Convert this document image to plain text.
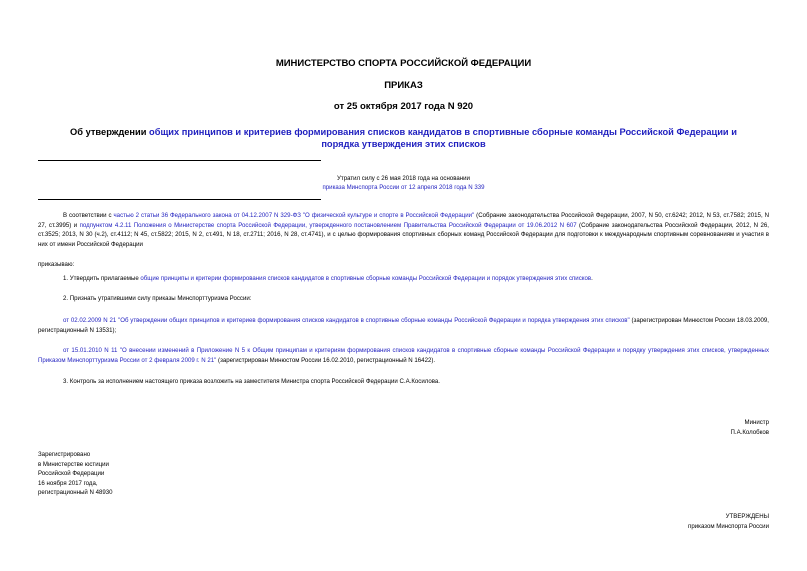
МИНИСТЕРСТВО СПОРТА РОССИЙСКОЙ ФЕДЕРАЦИИ
ПРИКАЗ
от 25 октября 2017 года N 920
Об утверждении общих принципов и критериев формирования списков кандидатов в спортивные сборные команды Российской Федерации и порядка утверждения этих списков
Утратил силу с 26 мая 2018 года на основании
приказа Минспорта России от 12 апреля 2018 года N 339
В соответствии с частью 2 статьи 36 Федерального закона от 04.12.2007 N 329-ФЗ "О физической культуре и спорте в Российской Федерации" (Собрание законодательства Российской Федерации, 2007, N 50, ст.6242; 2012, N 53, ст.7582; 2015, N 27, ст.3995) и подпунктом 4.2.11 Положения о Министерстве спорта Российской Федерации, утвержденного постановлением Правительства Российской Федерации от 19.06.2012 N 607 (Собрание законодательства Российской Федерации, 2012, N 26, ст.3525; 2013, N 30 (ч.2), ст.4112; N 45, ст.5822; 2015, N 2, ст.491, N 18, ст.2711; 2016, N 28, ст.4741), и с целью формирования спортивных сборных команд Российской Федерации для подготовки к международным спортивным соревнованиям и участия в них от имени Российской Федерации
приказываю:
1. Утвердить прилагаемые общие принципы и критерии формирования списков кандидатов в спортивные сборные команды Российской Федерации и порядок утверждения этих списков.
2. Признать утратившими силу приказы Минспорттуризма России:
от 02.02.2009 N 21 "Об утверждении общих принципов и критериев формирования списков кандидатов в спортивные сборные команды Российской Федерации и порядка утверждения этих списков" (зарегистрирован Минюстом России 18.03.2009, регистрационный N 13531);
от 15.01.2010 N 11 "О внесении изменений в Приложение N 5 к Общим принципам и критериям формирования списков кандидатов в спортивные сборные команды Российской Федерации и порядку утверждения этих списков, утвержденных Приказом Минспорттуризма России от 2 февраля 2009 г. N 21" (зарегистрирован Минюстом России 16.02.2010, регистрационный N 16422).
3. Контроль за исполнением настоящего приказа возложить на заместителя Министра спорта Российской Федерации С.А.Косилова.
Министр
П.А.Колобков
Зарегистрировано
в Министерстве юстиции
Российской Федерации
16 ноября 2017 года,
регистрационный N 48930
УТВЕРЖДЕНЫ
приказом Минспорта России
